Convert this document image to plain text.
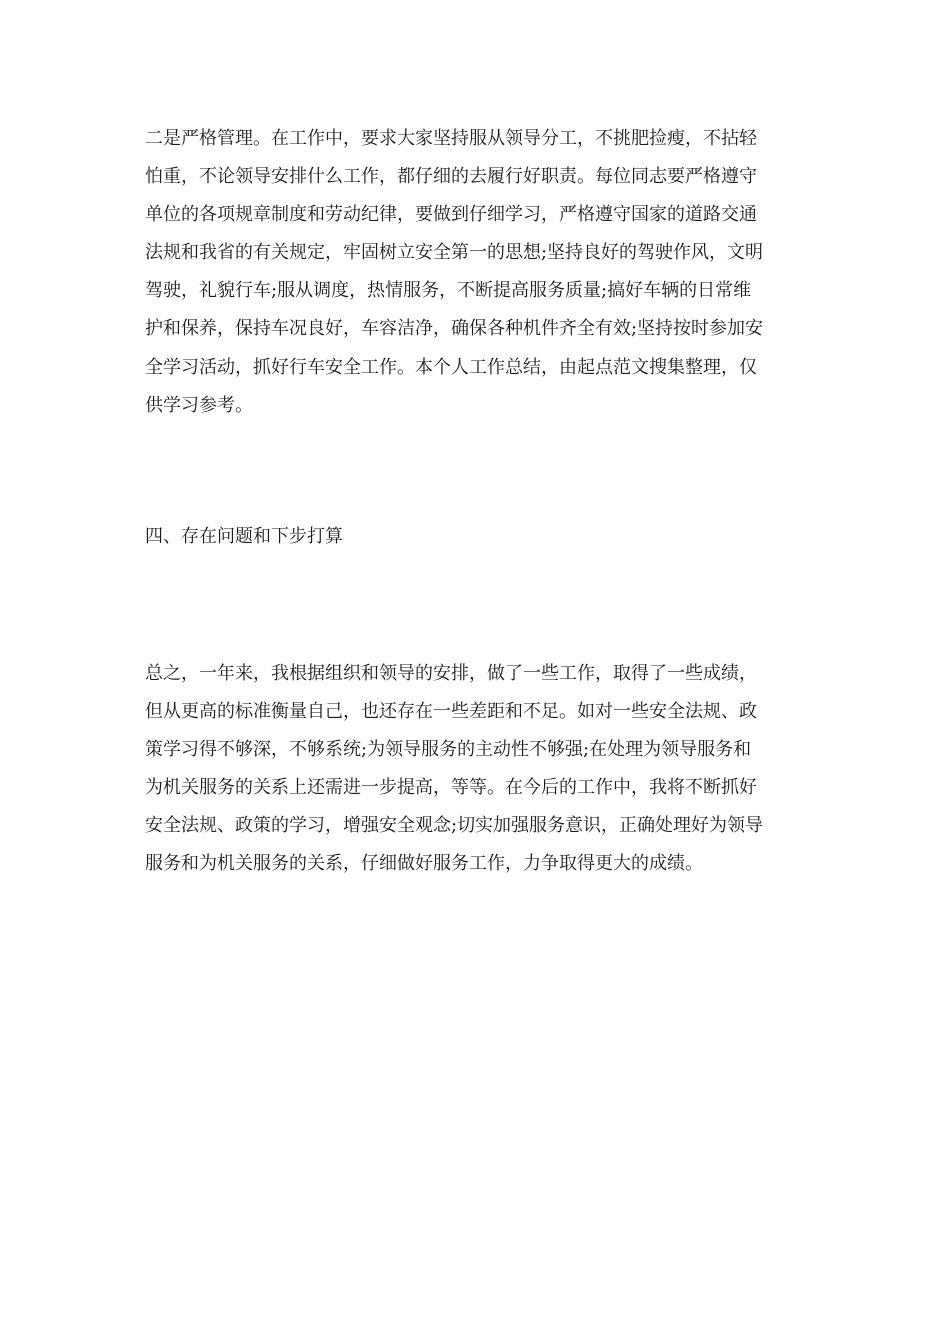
二是严格管理。在工作中，要求大家坚持服从领导分工，不挑肥捡瘦，不拈轻
怕重，不论领导安排什么工作，都仔细的去履行好职责。每位同志要严格遵守
单位的各项规章制度和劳动纪律，要做到仔细学习，严格遵守国家的道路交通
法规和我省的有关规定，牢固树立安全第一的思想;坚持良好的驾驶作风，文明
驾驶，礼貌行车;服从调度，热情服务，不断提高服务质量;搞好车辆的日常维
护和保养，保持车况良好，车容洁净，确保各种机件齐全有效;坚持按时参加安
全学习活动，抓好行车安全工作。本个人工作总结，由起点范文搜集整理，仅
供学习参考。

四、存在问题和下步打算

总之，一年来，我根据组织和领导的安排，做了一些工作，取得了一些成绩，
但从更高的标准衡量自己，也还存在一些差距和不足。如对一些安全法规、政
策学习得不够深，不够系统;为领导服务的主动性不够强;在处理为领导服务和
为机关服务的关系上还需进一步提高，等等。在今后的工作中，我将不断抓好
安全法规、政策的学习，增强安全观念;切实加强服务意识，正确处理好为领导
服务和为机关服务的关系，仔细做好服务工作，力争取得更大的成绩。
